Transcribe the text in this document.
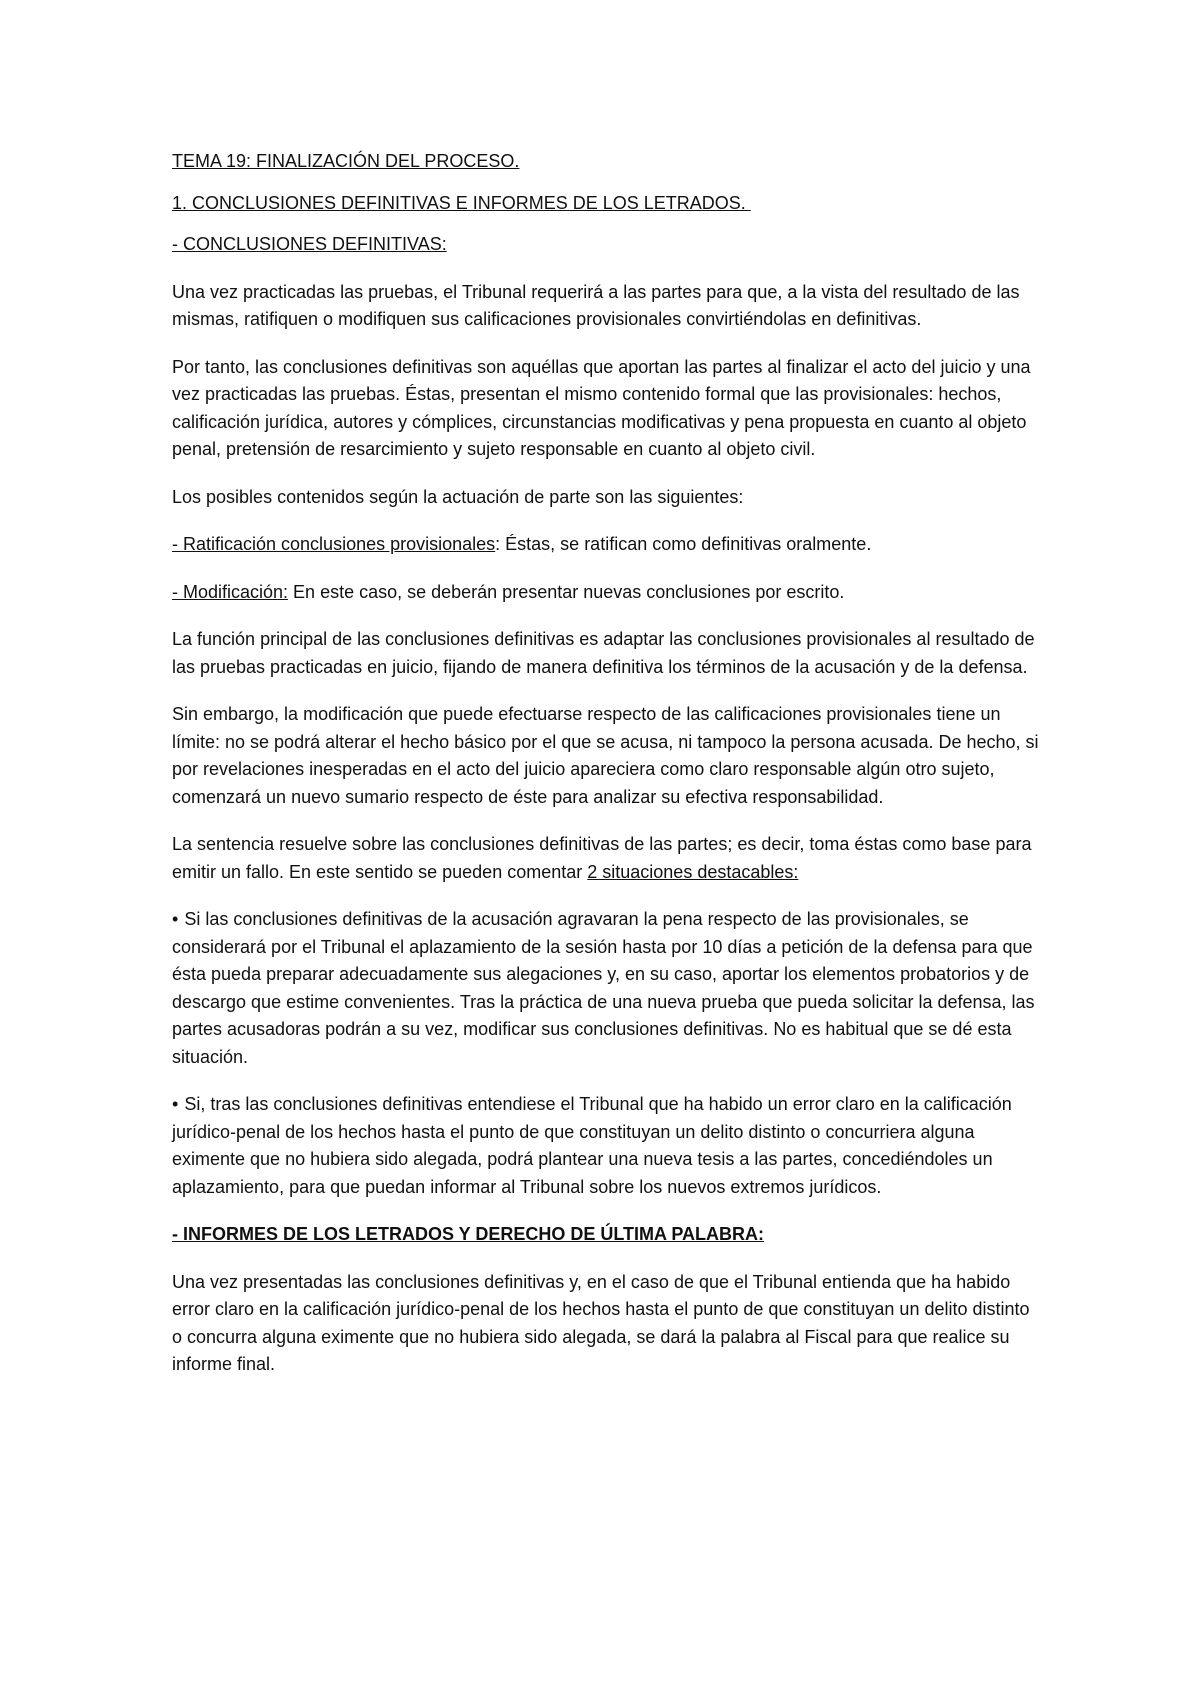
TEMA 19: FINALIZACIÓN DEL PROCESO.

1. CONCLUSIONES DEFINITIVAS E INFORMES DE LOS LETRADOS.

- CONCLUSIONES DEFINITIVAS:

Una vez practicadas las pruebas, el Tribunal requerirá a las partes para que, a la vista del resultado de las mismas, ratifiquen o modifiquen sus calificaciones provisionales convirtiéndolas en definitivas.

Por tanto, las conclusiones definitivas son aquéllas que aportan las partes al finalizar el acto del juicio y una vez practicadas las pruebas. Éstas, presentan el mismo contenido formal que las provisionales: hechos, calificación jurídica, autores y cómplices, circunstancias modificativas y pena propuesta en cuanto al objeto penal, pretensión de resarcimiento y sujeto responsable en cuanto al objeto civil.

Los posibles contenidos según la actuación de parte son las siguientes:

- Ratificación conclusiones provisionales: Éstas, se ratifican como definitivas oralmente.

- Modificación: En este caso, se deberán presentar nuevas conclusiones por escrito.

La función principal de las conclusiones definitivas es adaptar las conclusiones provisionales al resultado de las pruebas practicadas en juicio, fijando de manera definitiva los términos de la acusación y de la defensa.

Sin embargo, la modificación que puede efectuarse respecto de las calificaciones provisionales tiene un límite: no se podrá alterar el hecho básico por el que se acusa, ni tampoco la persona acusada. De hecho, si por revelaciones inesperadas en el acto del juicio apareciera como claro responsable algún otro sujeto, comenzará un nuevo sumario respecto de éste para analizar su efectiva responsabilidad.

La sentencia resuelve sobre las conclusiones definitivas de las partes; es decir, toma éstas como base para emitir un fallo. En este sentido se pueden comentar 2 situaciones destacables:

• Si las conclusiones definitivas de la acusación agravaran la pena respecto de las provisionales, se considerará por el Tribunal el aplazamiento de la sesión hasta por 10 días a petición de la defensa para que ésta pueda preparar adecuadamente sus alegaciones y, en su caso, aportar los elementos probatorios y de descargo que estime convenientes. Tras la práctica de una nueva prueba que pueda solicitar la defensa, las partes acusadoras podrán a su vez, modificar sus conclusiones definitivas. No es habitual que se dé esta situación.

• Si, tras las conclusiones definitivas entendiese el Tribunal que ha habido un error claro en la calificación jurídico-penal de los hechos hasta el punto de que constituyan un delito distinto o concurriera alguna eximente que no hubiera sido alegada, podrá plantear una nueva tesis a las partes, concediéndoles un aplazamiento, para que puedan informar al Tribunal sobre los nuevos extremos jurídicos.

- INFORMES DE LOS LETRADOS Y DERECHO DE ÚLTIMA PALABRA:

Una vez presentadas las conclusiones definitivas y, en el caso de que el Tribunal entienda que ha habido error claro en la calificación jurídico-penal de los hechos hasta el punto de que constituyan un delito distinto o concurra alguna eximente que no hubiera sido alegada, se dará la palabra al Fiscal para que realice su informe final.
